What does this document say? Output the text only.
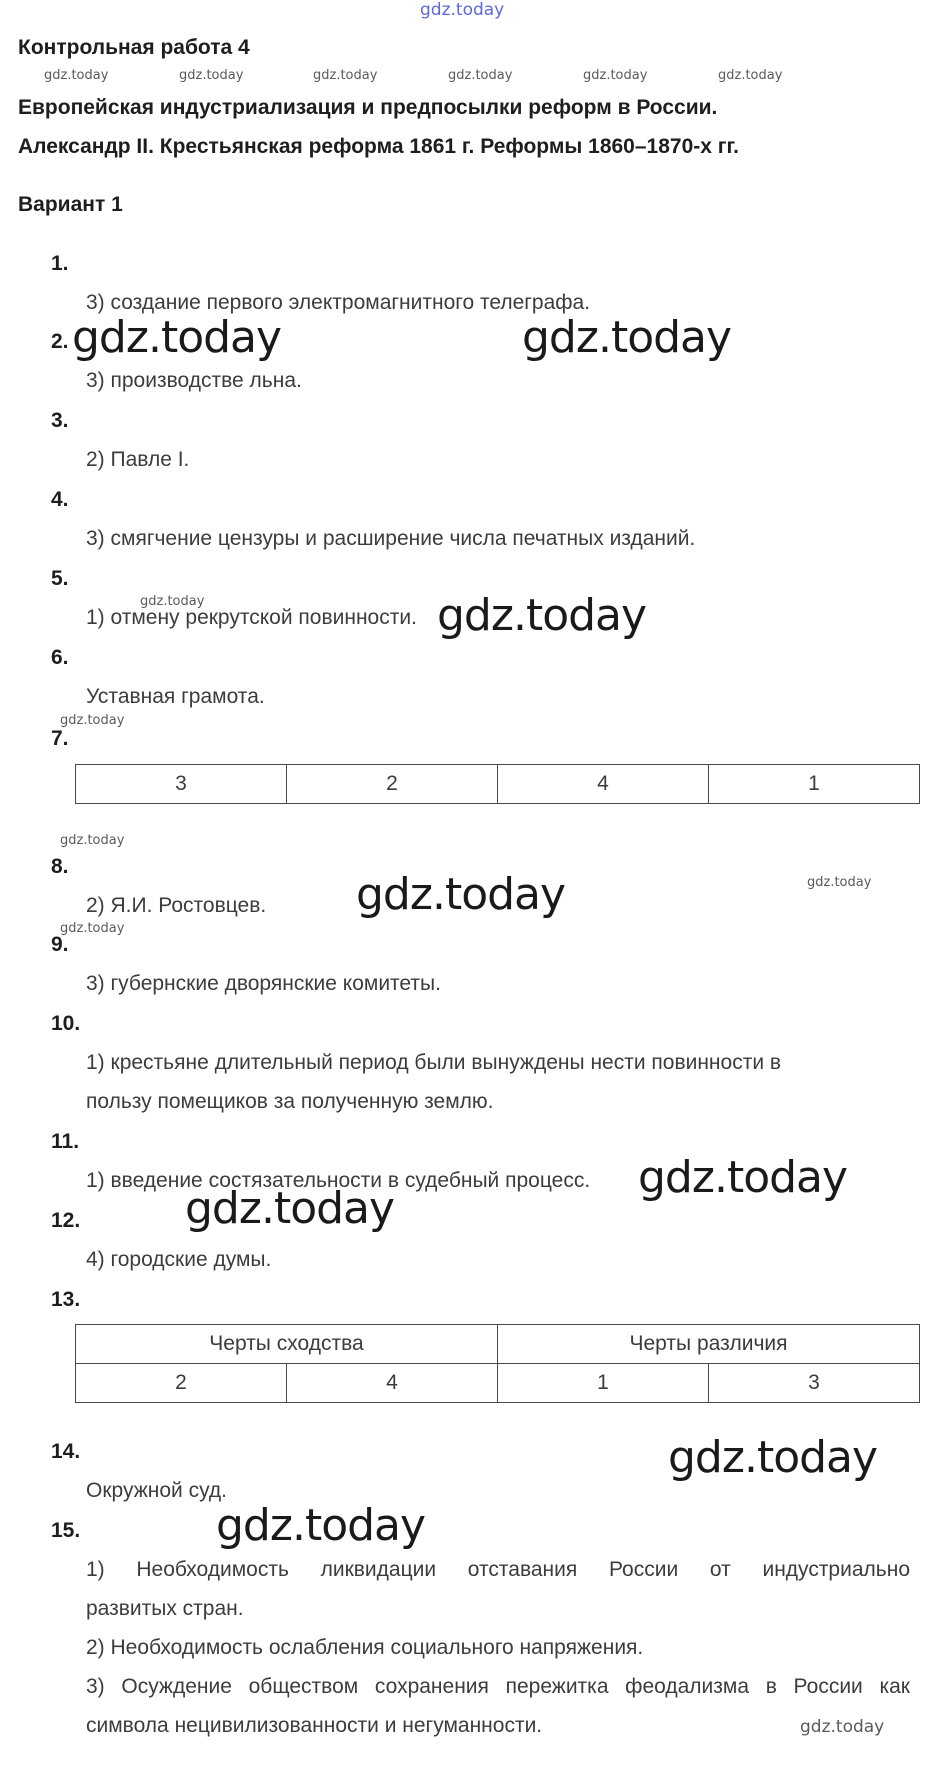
gdz.today
Контрольная работа 4
gdz.today	gdz.today	gdz.today	gdz.today	gdz.today	gdz.today
Европейская индустриализация и предпосылки реформ в России.
Александр II. Крестьянская реформа 1861 г. Реформы 1860–1870-х гг.
Вариант 1
1.
3) создание первого электромагнитного телеграфа.
2. gdz.today	gdz.today
3) производстве льна.
3.
2) Павле I.
4.
3) смягчение цензуры и расширение числа печатных изданий.
5.
gdz.today
1) отмену рекрутской повинности. gdz.today
6.
Уставная грамота.
gdz.today
7.
3	2	4	1
gdz.today
8.
gdz.today
2) Я.И. Ростовцев. gdz.today
gdz.today
9.
3) губернские дворянские комитеты.
10.
1) крестьяне длительный период были вынуждены нести повинности в
пользу помещиков за полученную землю.
11.
1) введение состязательности в судебный процесс. gdz.today
gdz.today
12.
4) городские думы.
13.
Черты сходства		Черты различия	
2	4	1	3
gdz.today
14.
Окружной суд.
gdz.today
15.
1) Необходимость ликвидации отставания России от индустриально
развитых стран.
2) Необходимость ослабления социального напряжения.
3) Осуждение обществом сохранения пережитка феодализма в России как
символа нецивилизованности и негуманности.	gdz.today
